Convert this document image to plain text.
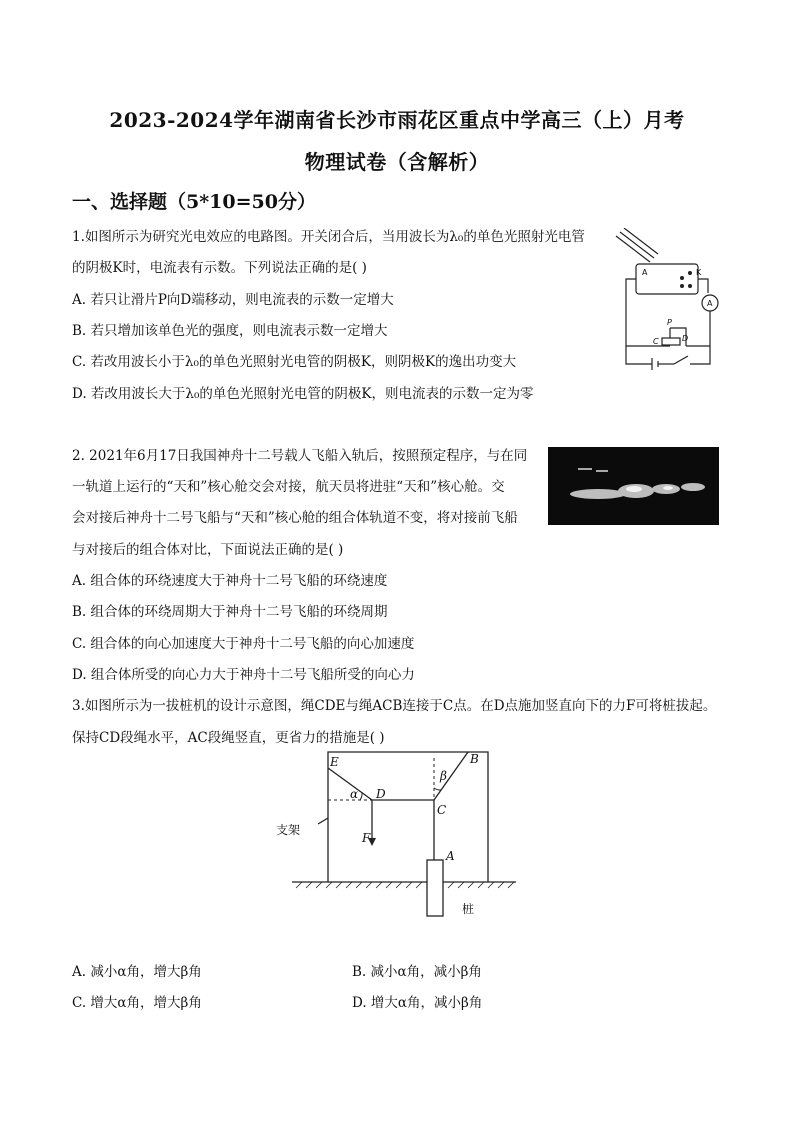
2023-2024学年湖南省长沙市雨花区重点中学高三（上）月考
物理试卷（含解析）
一、选择题（5*10=50分）
1.如图所示为研究光电效应的电路图。开关闭合后，当用波长为λ₀的单色光照射光电管
的阴极K时，电流表有示数。下列说法正确的是( )
A. 若只让滑片P向D端移动，则电流表的示数一定增大
B. 若只增加该单色光的强度，则电流表示数一定增大
C. 若改用波长小于λ₀的单色光照射光电管的阴极K，则阴极K的逸出功变大
D. 若改用波长大于λ₀的单色光照射光电管的阴极K，则电流表的示数一定为零
A	K
A
P
C	D
2. 2021年6月17日我国神舟十二号载人飞船入轨后，按照预定程序，与在同
一轨道上运行的“天和”核心舱交会对接，航天员将进驻“天和”核心舱。交
会对接后神舟十二号飞船与“天和”核心舱的组合体轨道不变，将对接前飞船
与对接后的组合体对比，下面说法正确的是( )
A. 组合体的环绕速度大于神舟十二号飞船的环绕速度
B. 组合体的环绕周期大于神舟十二号飞船的环绕周期
C. 组合体的向心加速度大于神舟十二号飞船的向心加速度
D. 组合体所受的向心力大于神舟十二号飞船所受的向心力
3.如图所示为一拔桩机的设计示意图，绳CDE与绳ACB连接于C点。在D点施加竖直向下的力F可将桩拔起。
保持CD段绳水平，AC段绳竖直，更省力的措施是( )
E	B
α D
β
C
F
A
支架
桩
A. 减小α角，增大β角	B. 减小α角，减小β角
C. 增大α角，增大β角	D. 增大α角，减小β角
